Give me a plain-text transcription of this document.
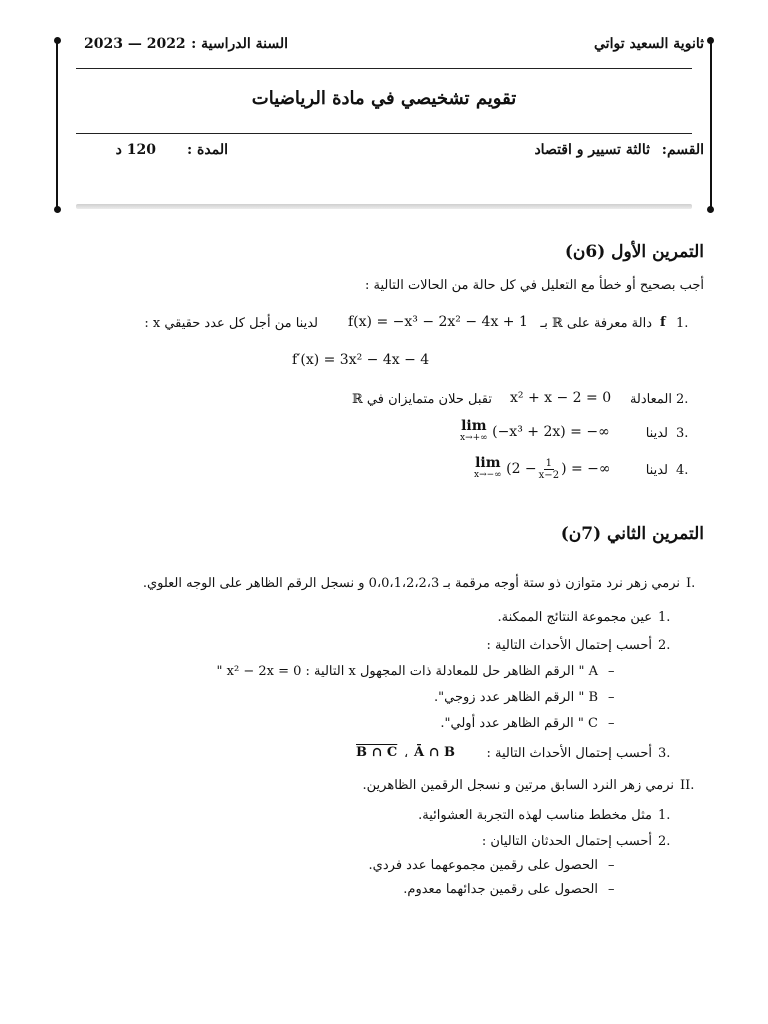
ثانوية السعيد تواتي
السنة الدراسية :
2023 — 2022
تقويم تشخيصي في مادة الرياضيات
القسم:
ثالثة تسيير و اقتصاد
المدة :
120 د
التمرين الأول (6ن)
أجب بصحيح أو خطأ مع التعليل في كل حالة من الحالات التالية :
1.
f
دالة معرفة على ℝ بـ
f(x) = −x³ − 2x² − 4x + 1
لدينا من أجل كل عدد حقيقي x :
f′(x) = 3x² − 4x − 4
2.
المعادلة
x² + x − 2 = 0
تقبل حلان متمايزان في ℝ
3.
لدينا
lim
x→+∞ (−x³ + 2x) = −∞
4.
لدينا
lim
x→−∞ ($2 - \frac{1}{x-2}$ ) = −∞
التمرين الثاني (7ن)
I.
نرمي زهر نرد متوازن ذو ستة أوجه مرقمة بـ 0،0،1،2،2،3 و نسجل الرقم الظاهر على الوجه العلوي.
1.
عين مجموعة النتائج الممكنة.
2.
أحسب إحتمال الأحداث التالية :
–
A " الرقم الظاهر حل للمعادلة ذات المجهول x التالية : x² − 2x = 0 "
–
B " الرقم الظاهر عدد زوجي".
–
C " الرقم الظاهر عدد أولي".
3.
أحسب إحتمال الأحداث التالية :
Ā ∩ B
،
B ∩ C
II.
نرمي زهر النرد السابق مرتين و نسجل الرقمين الظاهرين.
1.
مثل مخطط مناسب لهذه التجربة العشوائية.
2.
أحسب إحتمال الحدثان التاليان :
–
الحصول على رقمين مجموعهما عدد فردي.
–
الحصول على رقمين جدائهما معدوم.
